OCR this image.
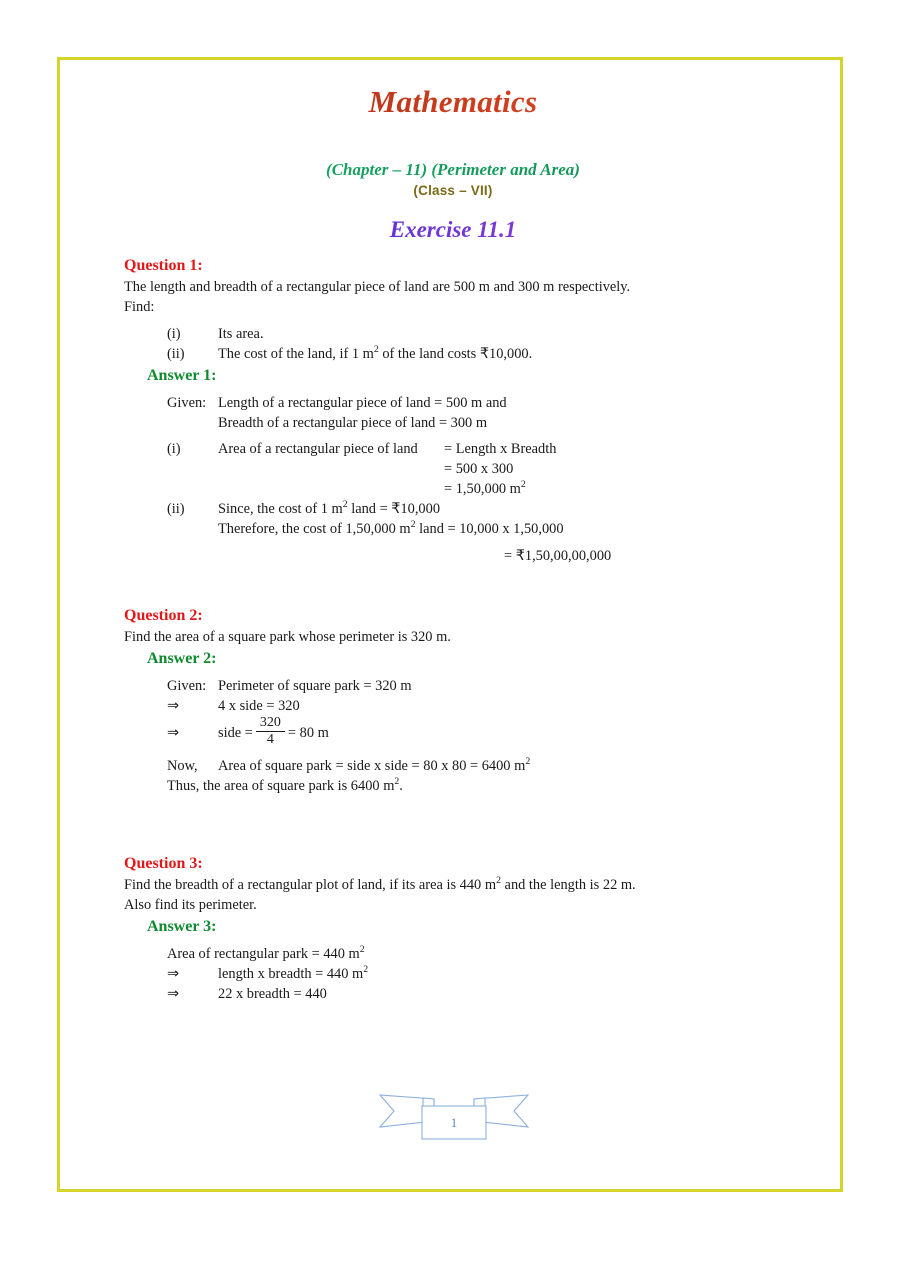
Mathematics
(Chapter – 11) (Perimeter and Area)
(Class – VII)
Exercise 11.1
Question 1:
The length and breadth of a rectangular piece of land are 500 m and 300 m respectively.
Find:
(i)	Its area.
(ii)	The cost of the land, if 1 $m^2$ of the land costs ₹10,000.
Answer 1:
Given: Length of a rectangular piece of land = 500 m and
Breadth of a rectangular piece of land = 300 m
(i)	Area of a rectangular piece of land	= Length x Breadth
= 500 x 300
= 1,50,000 $m^2$
(ii)	Since, the cost of 1 $m^2$ land = ₹10,000
Therefore, the cost of 1,50,000 $m^2$ land = 10,000 x 1,50,000
= ₹1,50,00,00,000
Question 2:
Find the area of a square park whose perimeter is 320 m.
Answer 2:
Given: Perimeter of square park = 320 m
⇒	4 x side = 320
⇒	side = $\frac{320}{4} = 80$ m
Now,	Area of square park = side x side = 80 x 80 = 6400 $m^2$
Thus, the area of square park is 6400 $m^2$.
Question 3:
Find the breadth of a rectangular plot of land, if its area is 440 $m^2$ and the length is 22 m.
Also find its perimeter.
Answer 3:
Area of rectangular park = 440 $m^2$
⇒	length x breadth = 440 $m^2$
⇒	22 x breadth = 440
1
